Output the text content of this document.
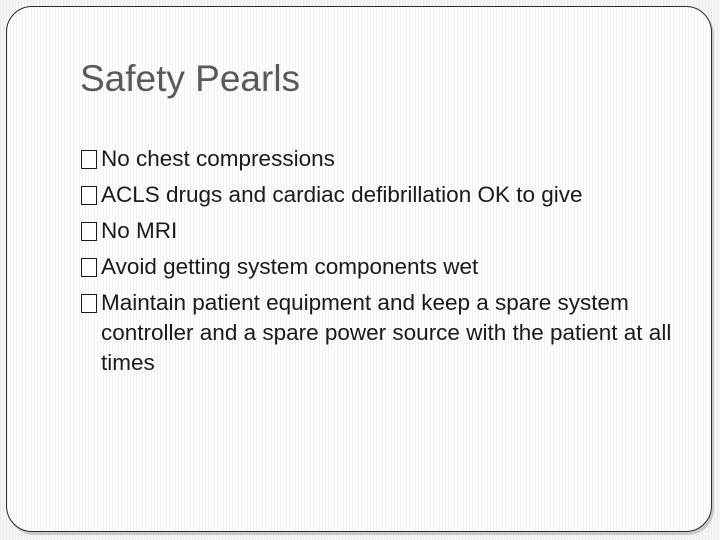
Safety Pearls
No chest compressions
ACLS drugs and cardiac defibrillation OK to give
No MRI
Avoid getting system components wet
Maintain patient equipment and keep a spare system controller and a spare power source with the patient at all times
